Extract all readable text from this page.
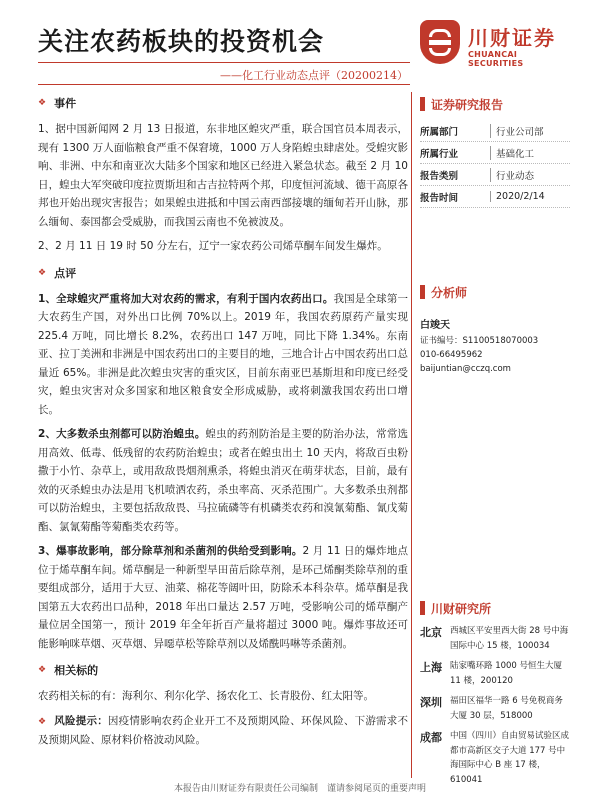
关注农药板块的投资机会
——化工行业动态点评（20200214）
川财证券
CHUANCAI SECURITIES
❖ 事件

1、据中国新闻网 2 月 13 日报道，东非地区蝗灾严重，联合国官员本周表示，现有 1300 万人面临粮食严重不保窘境，1000 万人身陷蝗虫肆虐处。受蝗灾影响、非洲、中东和南亚次大陆多个国家和地区已经进入紧急状态。截至 2 月 10 日，蝗虫大军突破印度拉贾斯坦和古吉拉特两个邦，印度恒河流域、德干高原各邦也开始出现灾害报告；如果蝗虫进抵和中国云南西部接壤的缅甸若开山脉，那么缅甸、泰国都会受威胁，而我国云南也不免被波及。

2、2 月 11 日 19 时 50 分左右，辽宁一家农药公司烯草酮车间发生爆炸。

❖ 点评

1、全球蝗灾严重将加大对农药的需求，有利于国内农药出口。我国是全球第一大农药生产国，对外出口比例 70%以上。2019 年，我国农药原药产量实现 225.4 万吨，同比增长 8.2%，农药出口 147 万吨，同比下降 1.34%。东南亚、拉丁美洲和非洲是中国农药出口的主要目的地，三地合计占中国农药出口总量近 65%。非洲是此次蝗虫灾害的重灾区，目前东南亚巴基斯坦和印度已经受灾，蝗虫灾害对众多国家和地区粮食安全形成威胁，或将刺激我国农药出口增长。

2、大多数杀虫剂都可以防治蝗虫。蝗虫的药剂防治是主要的防治办法，常常选用高效、低毒、低残留的农药防治蝗虫；或者在蝗虫出土 10 天内，将敌百虫粉撒于小竹、杂草上，或用敌敌畏烟剂熏杀，将蝗虫消灭在萌芽状态，目前，最有效的灭杀蝗虫办法是用飞机喷洒农药，杀虫率高、灭杀范围广。大多数杀虫剂都可以防治蝗虫，主要包括敌敌畏、马拉硫磷等有机磷类农药和溴氰菊酯、氰戊菊酯、氯氰菊酯等菊酯类农药等。

3、爆事故影响，部分除草剂和杀菌剂的供给受到影响。2 月 11 日的爆炸地点位于烯草酮车间。烯草酮是一种新型旱田苗后除草剂，是环己烯酮类除草剂的重要组成部分，适用于大豆、油菜、棉花等阔叶田，防除禾本科杂草。烯草酮是我国第五大农药出口品种，2018 年出口量达 2.57 万吨，受影响公司的烯草酮产量位居全国第一，预计 2019 年全年折百产量将超过 3000 吨。爆炸事故还可能影响咪草烟、灭草烟、异噁草松等除草剂以及烯酰吗啉等杀菌剂。

❖ 相关标的

农药相关标的有：海利尔、利尔化学、扬农化工、长青股份、红太阳等。

❖ 风险提示：因疫情影响农药企业开工不及预期风险、环保风险、下游需求不及预期风险、原材料价格波动风险。

证券研究报告
所属部门	行业公司部
所属行业	基础化工
报告类别	行业动态
报告时间	2020/2/14
分析师
白竣天
证书编号：S1100518070003
010-66495962
baijuntian@cczq.com
川财研究所
北京 西城区平安里西大街 28 号中海国际中心 15 楼，100034
上海 陆家嘴环路 1000 号恒生大厦 11 楼，200120
深圳 福田区福华一路 6 号免税商务大厦 30 层，518000
成都 中国（四川）自由贸易试验区成都市高新区交子大道 177 号中海国际中心 B 座 17 楼，610041
本报告由川财证券有限责任公司编制　谨请参阅尾页的重要声明
